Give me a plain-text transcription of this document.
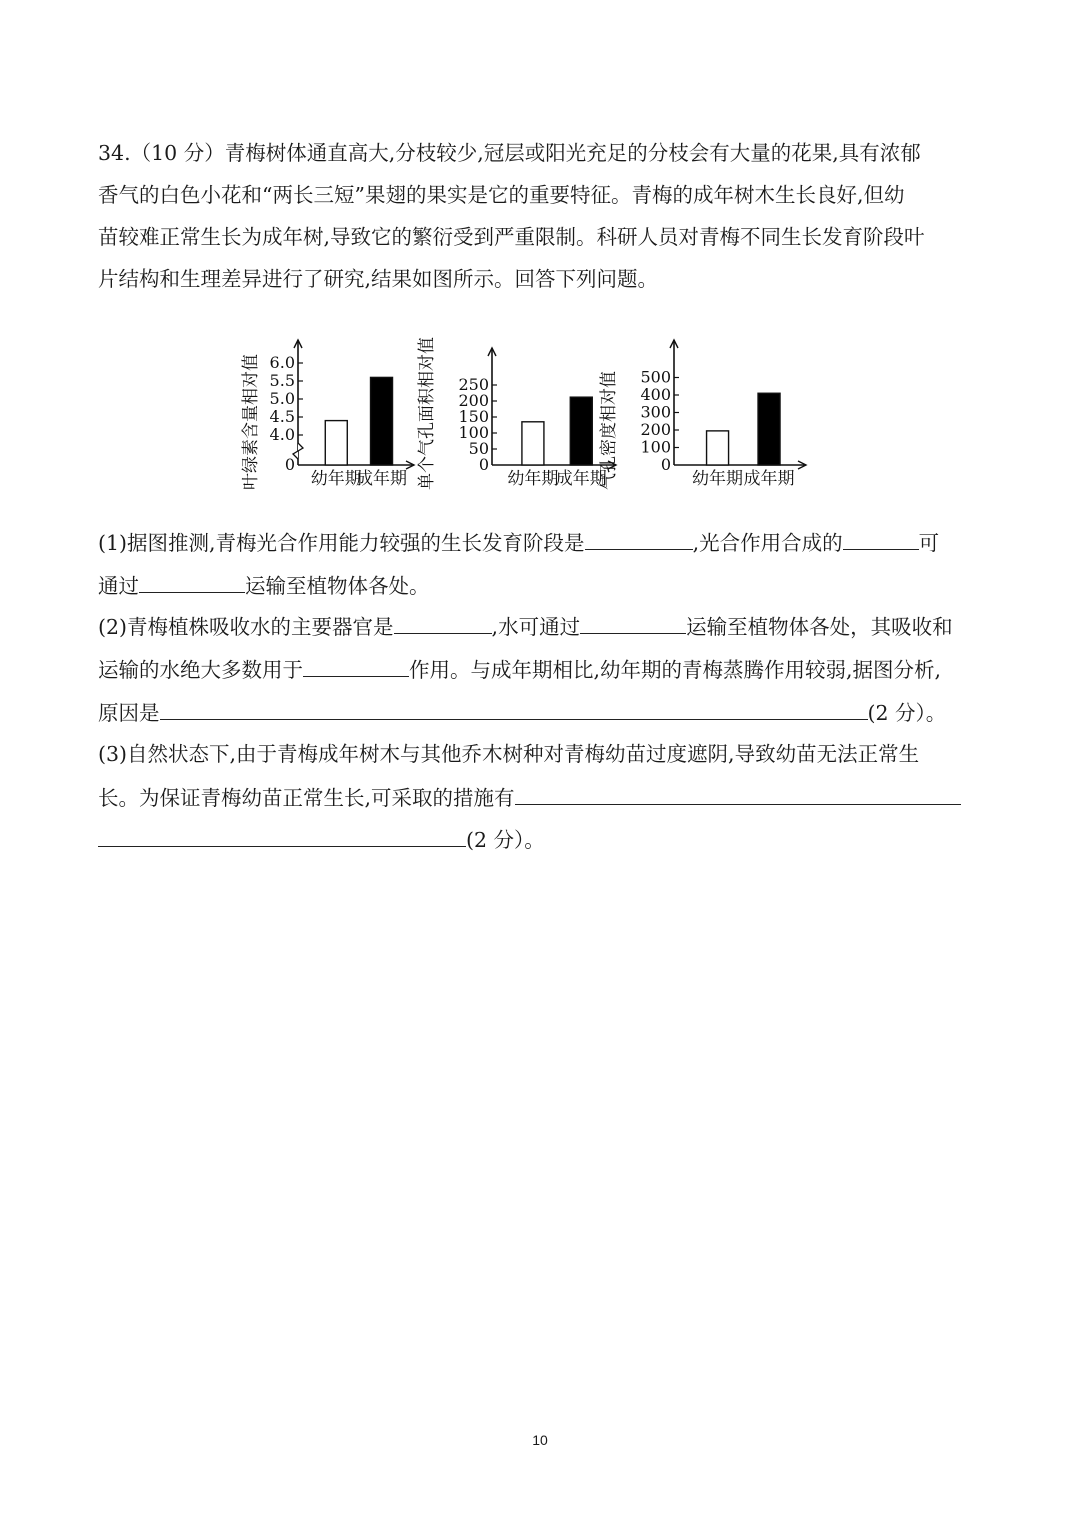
34.（10 分）青梅树体通直高大,分枝较少,冠层或阳光充足的分枝会有大量的花果,具有浓郁
香气的白色小花和“两长三短”果翅的果实是它的重要特征。青梅的成年树木生长良好,但幼
苗较难正常生长为成年树,导致它的繁衍受到严重限制。科研人员对青梅不同生长发育阶段叶
片结构和生理差异进行了研究,结果如图所示。回答下列问题。
叶绿素含量相对值 0
4.0
4.5
5.0
5.5
6.0
幼年期
成年期 单个气孔面积相对值	0
50
100
150
200
250
幼年期
成年期
气孔密度相对值	0
100
200
300
400
500
幼年期 成年期
(1)据图推测,青梅光合作用能力较强的生长发育阶段是	,光合作用合成的	可
通过	运输至植物体各处。
(2)青梅植株吸收水的主要器官是	,水可通过	运输至植物体各处，其吸收和
运输的水绝大多数用于	作用。与成年期相比,幼年期的青梅蒸腾作用较弱,据图分析,
原因是	(2 分）。
(3)自然状态下,由于青梅成年树木与其他乔木树种对青梅幼苗过度遮阴,导致幼苗无法正常生
长。为保证青梅幼苗正常生长,可采取的措施有
(2 分）。
10
